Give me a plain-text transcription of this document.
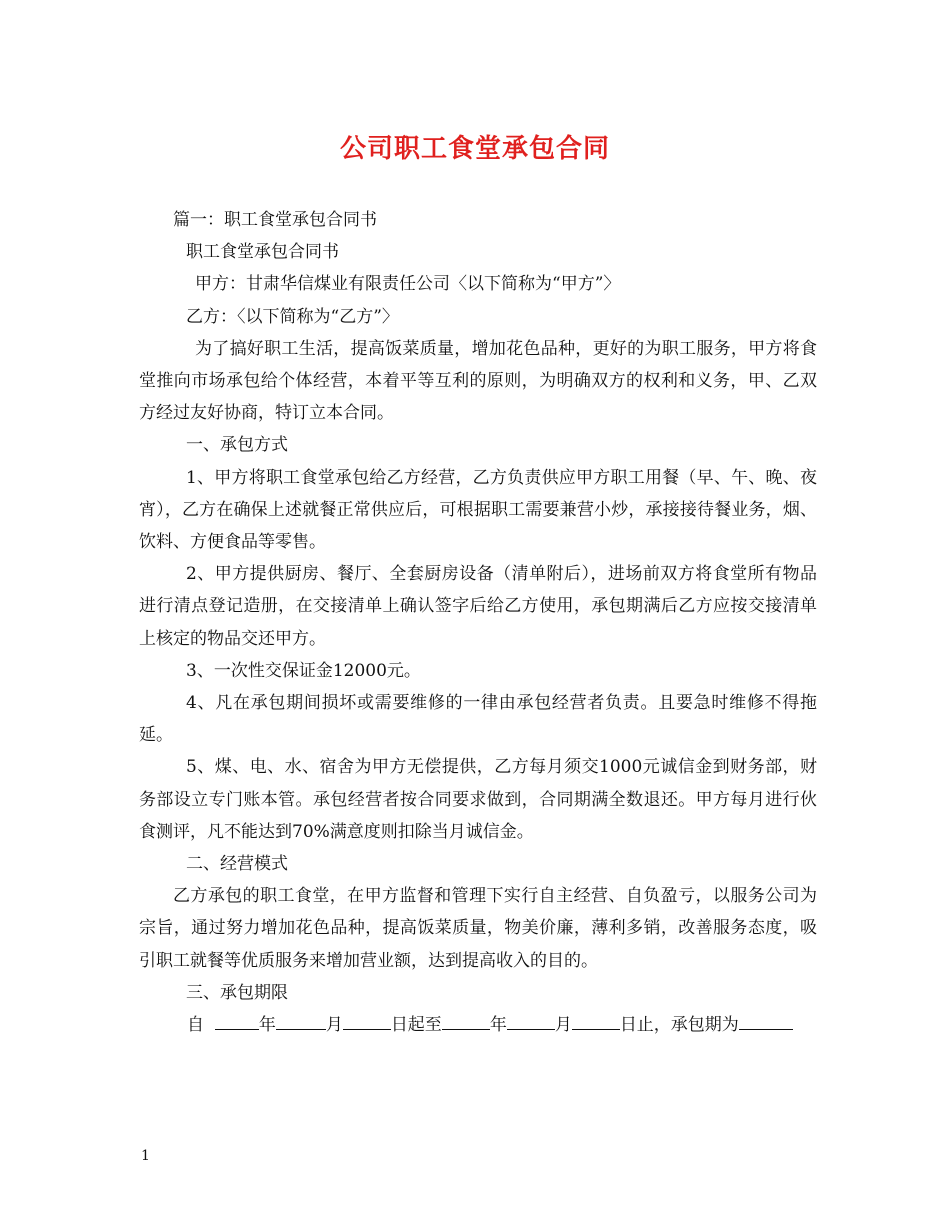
公司职工食堂承包合同

篇一：职工食堂承包合同书

职工食堂承包合同书

甲方：甘肃华信煤业有限责任公司〈以下简称为“甲方”〉

乙方：〈以下简称为“乙方”〉

为了搞好职工生活，提高饭菜质量，增加花色品种，更好的为职工服务，甲方将食堂推向市场承包给个体经营，本着平等互利的原则，为明确双方的权利和义务，甲、乙双方经过友好协商，特订立本合同。

一、承包方式

1、甲方将职工食堂承包给乙方经营，乙方负责供应甲方职工用餐（早、午、晚、夜宵），乙方在确保上述就餐正常供应后，可根据职工需要兼营小炒，承接接待餐业务，烟、饮料、方便食品等零售。

2、甲方提供厨房、餐厅、全套厨房设备（清单附后），进场前双方将食堂所有物品进行清点登记造册，在交接清单上确认签字后给乙方使用，承包期满后乙方应按交接清单上核定的物品交还甲方。

3、一次性交保证金12000元。

4、凡在承包期间损坏或需要维修的一律由承包经营者负责。且要急时维修不得拖延。

5、煤、电、水、宿舍为甲方无偿提供，乙方每月须交1000元诚信金到财务部，财务部设立专门账本管。承包经营者按合同要求做到，合同期满全数退还。甲方每月进行伙食测评，凡不能达到70%满意度则扣除当月诚信金。

二、经营模式

乙方承包的职工食堂，在甲方监督和管理下实行自主经营、自负盈亏，以服务公司为宗旨，通过努力增加花色品种，提高饭菜质量，物美价廉，薄利多销，改善服务态度，吸引职工就餐等优质服务来增加营业额，达到提高收入的目的。

三、承包期限

自	年	月	日起至	年	月	日止，承包期为

1
